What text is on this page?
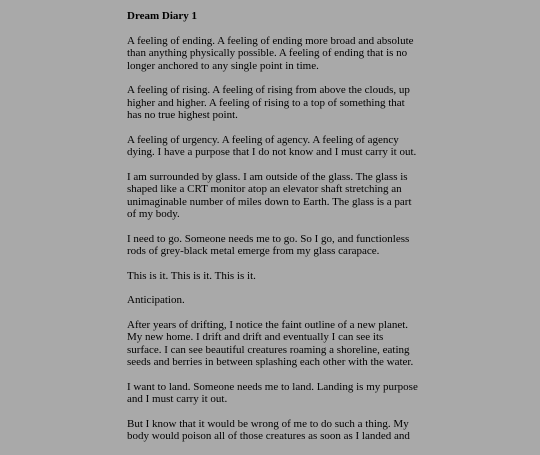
Dream Diary 1
A feeling of ending. A feeling of ending more broad and absolute than anything physically possible. A feeling of ending that is no longer anchored to any single point in time.
A feeling of rising. A feeling of rising from above the clouds, up higher and higher. A feeling of rising to a top of something that has no true highest point.
A feeling of urgency. A feeling of agency. A feeling of agency dying. I have a purpose that I do not know and I must carry it out.
I am surrounded by glass. I am outside of the glass. The glass is shaped like a CRT monitor atop an elevator shaft stretching an unimaginable number of miles down to Earth. The glass is a part of my body.
I need to go. Someone needs me to go. So I go, and functionless rods of grey-black metal emerge from my glass carapace.
This is it. This is it. This is it.
Anticipation.
After years of drifting, I notice the faint outline of a new planet. My new home. I drift and drift and eventually I can see its surface. I can see beautiful creatures roaming a shoreline, eating seeds and berries in between splashing each other with the water.
I want to land. Someone needs me to land. Landing is my purpose and I must carry it out.
But I know that it would be wrong of me to do such a thing. My body would poison all of those creatures as soon as I landed and
